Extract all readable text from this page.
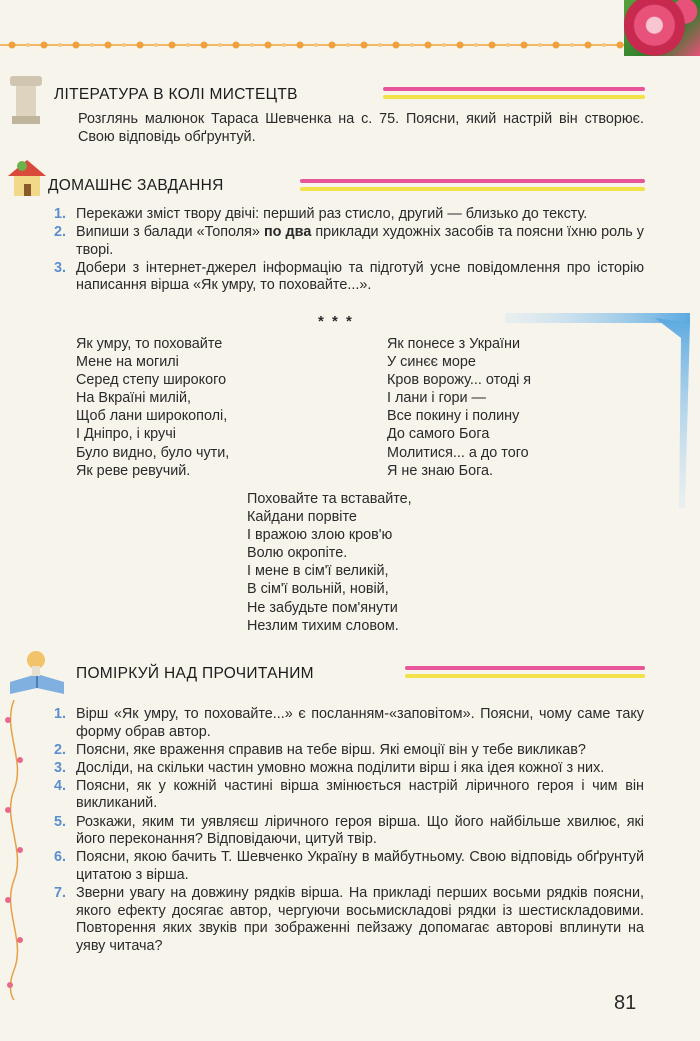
ЛІТЕРАТУРА В КОЛІ МИСТЕЦТВ
Розглянь малюнок Тараса Шевченка на с. 75. Поясни, який настрій він створює. Свою відповідь обґрунтуй.
ДОМАШНЄ ЗАВДАННЯ
1. Перекажи зміст твору двічі: перший раз стисло, другий — близько до тексту.
2. Випиши з балади «Тополя» по два приклади художніх засобів та поясни їхню роль у творі.
3. Добери з інтернет-джерел інформацію та підготуй усне повідомлення про історію написання вірша «Як умру, то поховайте...».
* * *
Як умру, то поховайте
Мене на могилі
Серед степу широкого
На Вкраїні милій,
Щоб лани широкополі,
І Дніпро, і кручі
Було видно, було чути,
Як реве ревучий.
Як понесе з України
У синєє море
Кров ворожу... отоді я
І лани і гори —
Все покину і полину
До самого Бога
Молитися... а до того
Я не знаю Бога.
Поховайте та вставайте,
Кайдани порвіте
І вражою злою кров'ю
Волю окропіте.
І мене в сім'ї великій,
В сім'ї вольній, новій,
Не забудьте пом'янути
Незлим тихим словом.
ПОМІРКУЙ НАД ПРОЧИТАНИМ
1. Вірш «Як умру, то поховайте...» є посланням-«заповітом». Поясни, чому саме таку форму обрав автор.
2. Поясни, яке враження справив на тебе вірш. Які емоції він у тебе викликав?
3. Досліди, на скільки частин умовно можна поділити вірш і яка ідея кожної з них.
4. Поясни, як у кожній частині вірша змінюється настрій ліричного героя і чим він викликаний.
5. Розкажи, яким ти уявляєш ліричного героя вірша. Що його найбільше хвилює, які його переконання? Відповідаючи, цитуй твір.
6. Поясни, якою бачить Т. Шевченко Україну в майбутньому. Свою відповідь обґрунтуй цитатою з вірша.
7. Зверни увагу на довжину рядків вірша. На прикладі перших восьми рядків поясни, якого ефекту досягає автор, чергуючи восьмискладові рядки із шестискладовими. Повторення яких звуків при зображенні пейзажу допомагає авторові вплинути на уяву читача?
81
